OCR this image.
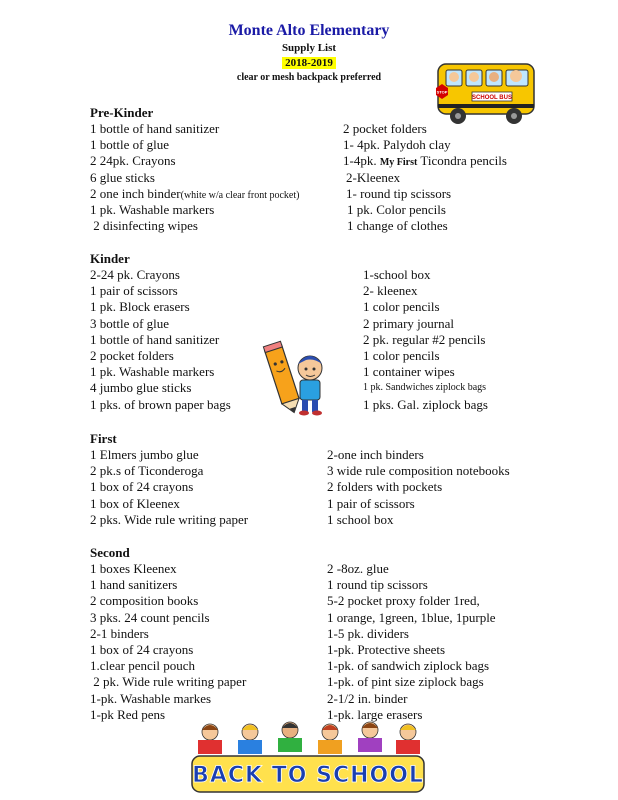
Monte Alto Elementary
Supply List
2018-2019
clear or mesh backpack preferred
SCHOOL BUS
STOP
Pre-Kinder
1 bottle of hand sanitizer
1 bottle of glue
2 24pk. Crayons
6 glue sticks
2 one inch binder(white w/a clear front pocket)
1 pk. Washable markers
2 disinfecting wipes
2 pocket folders
1- 4pk. Palydoh clay
1-4pk. My First Ticondra pencils
2-Kleenex
1- round tip scissors
1 pk. Color pencils
1 change of clothes
Kinder
2-24 pk. Crayons
1 pair of scissors
1 pk. Block erasers
3 bottle of glue
1 bottle of hand sanitizer
2 pocket folders
1 pk. Washable markers
4 jumbo glue sticks
1 pks. of brown paper bags
1-school box
2- kleenex
1 color pencils
2 primary journal
2 pk. regular #2 pencils
1 color pencils
1 container wipes
1 pk. Sandwiches ziplock bags
1 pks. Gal. ziplock bags
First
1 Elmers jumbo glue
2 pk.s of Ticonderoga
1 box of 24 crayons
1 box of Kleenex
2 pks. Wide rule writing paper
2-one inch binders
3 wide rule composition notebooks
2 folders with pockets
1 pair of scissors
1 school box
Second
1 boxes Kleenex
1 hand sanitizers
2 composition books
3 pks. 24 count pencils
2-1 binders
1 box of 24 crayons
1.clear pencil pouch
2 pk. Wide rule writing paper
1-pk. Washable markes
1-pk Red pens
2 -8oz. glue
1 round tip scissors
5-2 pocket proxy folder 1red,
1 orange, 1green, 1blue, 1purple
1-5 pk. dividers
1-pk. Protective sheets
1-pk. of sandwich ziplock bags
1-pk. of pint size ziplock bags
2-1/2 in. binder
1-pk. large erasers
BACK TO SCHOOL
